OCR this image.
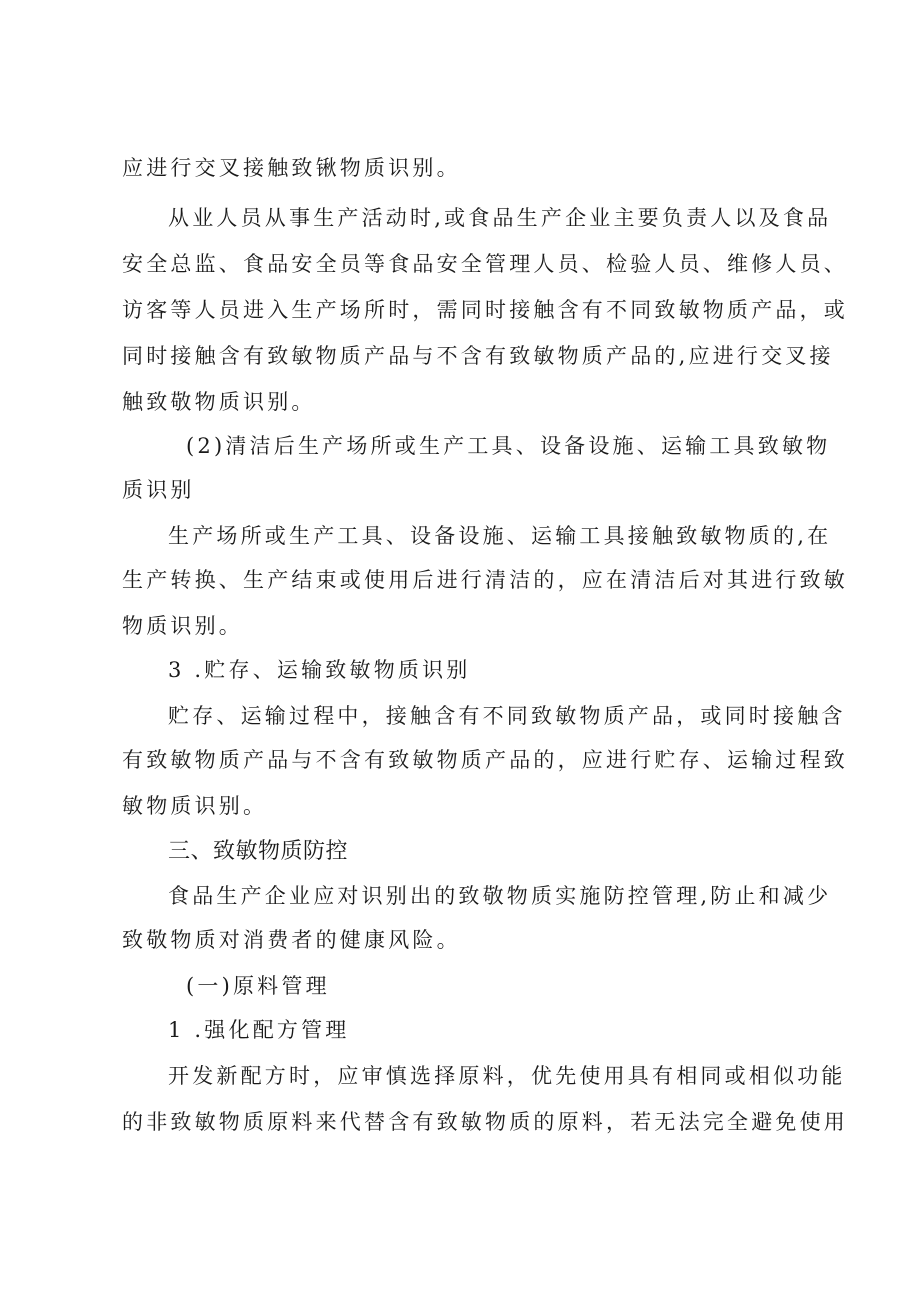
应进行交叉接触致锹物质识别。
从业人员从事生产活动时,或食品生产企业主要负责人以及食品
安全总监、食品安全员等食品安全管理人员、检验人员、维修人员、
访客等人员进入生产场所时，需同时接触含有不同致敏物质产品，或
同时接触含有致敏物质产品与不含有致敏物质产品的,应进行交叉接
触致敬物质识别。
(2)清洁后生产场所或生产工具、设备设施、运输工具致敏物
质识别
生产场所或生产工具、设备设施、运输工具接触致敏物质的,在
生产转换、生产结束或使用后进行清洁的，应在清洁后对其进行致敏
物质识别。
3 .贮存、运输致敏物质识别
贮存、运输过程中，接触含有不同致敏物质产品，或同时接触含
有致敏物质产品与不含有致敏物质产品的，应进行贮存、运输过程致
敏物质识别。
三、致敏物质防控
食品生产企业应对识别出的致敬物质实施防控管理,防止和减少
致敬物质对消费者的健康风险。
(一)原料管理
1 .强化配方管理
开发新配方时，应审慎选择原料，优先使用具有相同或相似功能
的非致敏物质原料来代替含有致敏物质的原料，若无法完全避免使用
